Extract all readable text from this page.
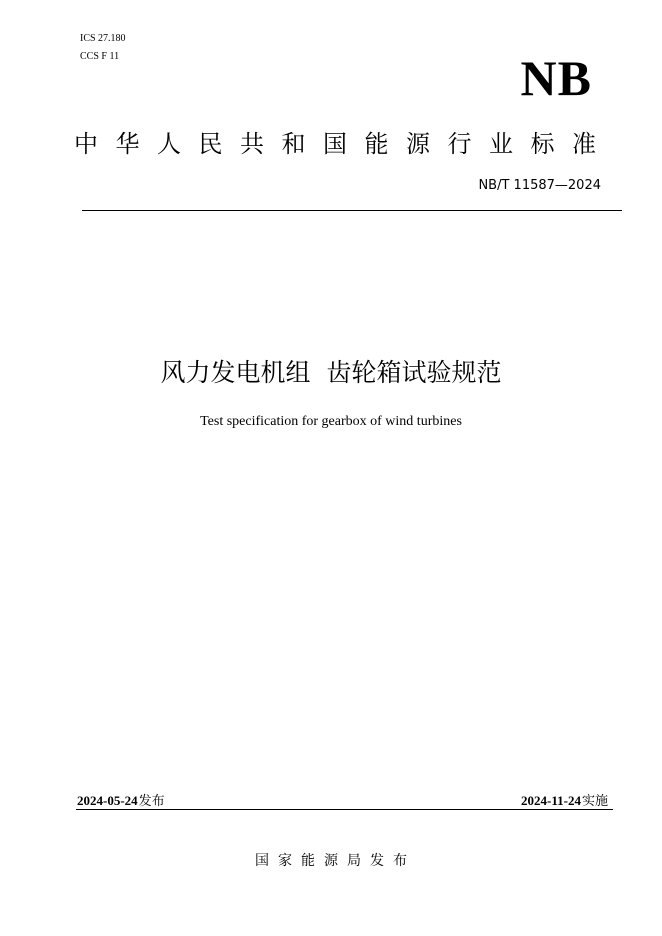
ICS 27.180
CCS F 11	NB
中华人民共和国能源行业标准
NB/T 11587—2024
风力发电机组  齿轮箱试验规范
Test specification for gearbox of wind turbines
2024-05-24发布	2024-11-24实施
国家能源局发布
